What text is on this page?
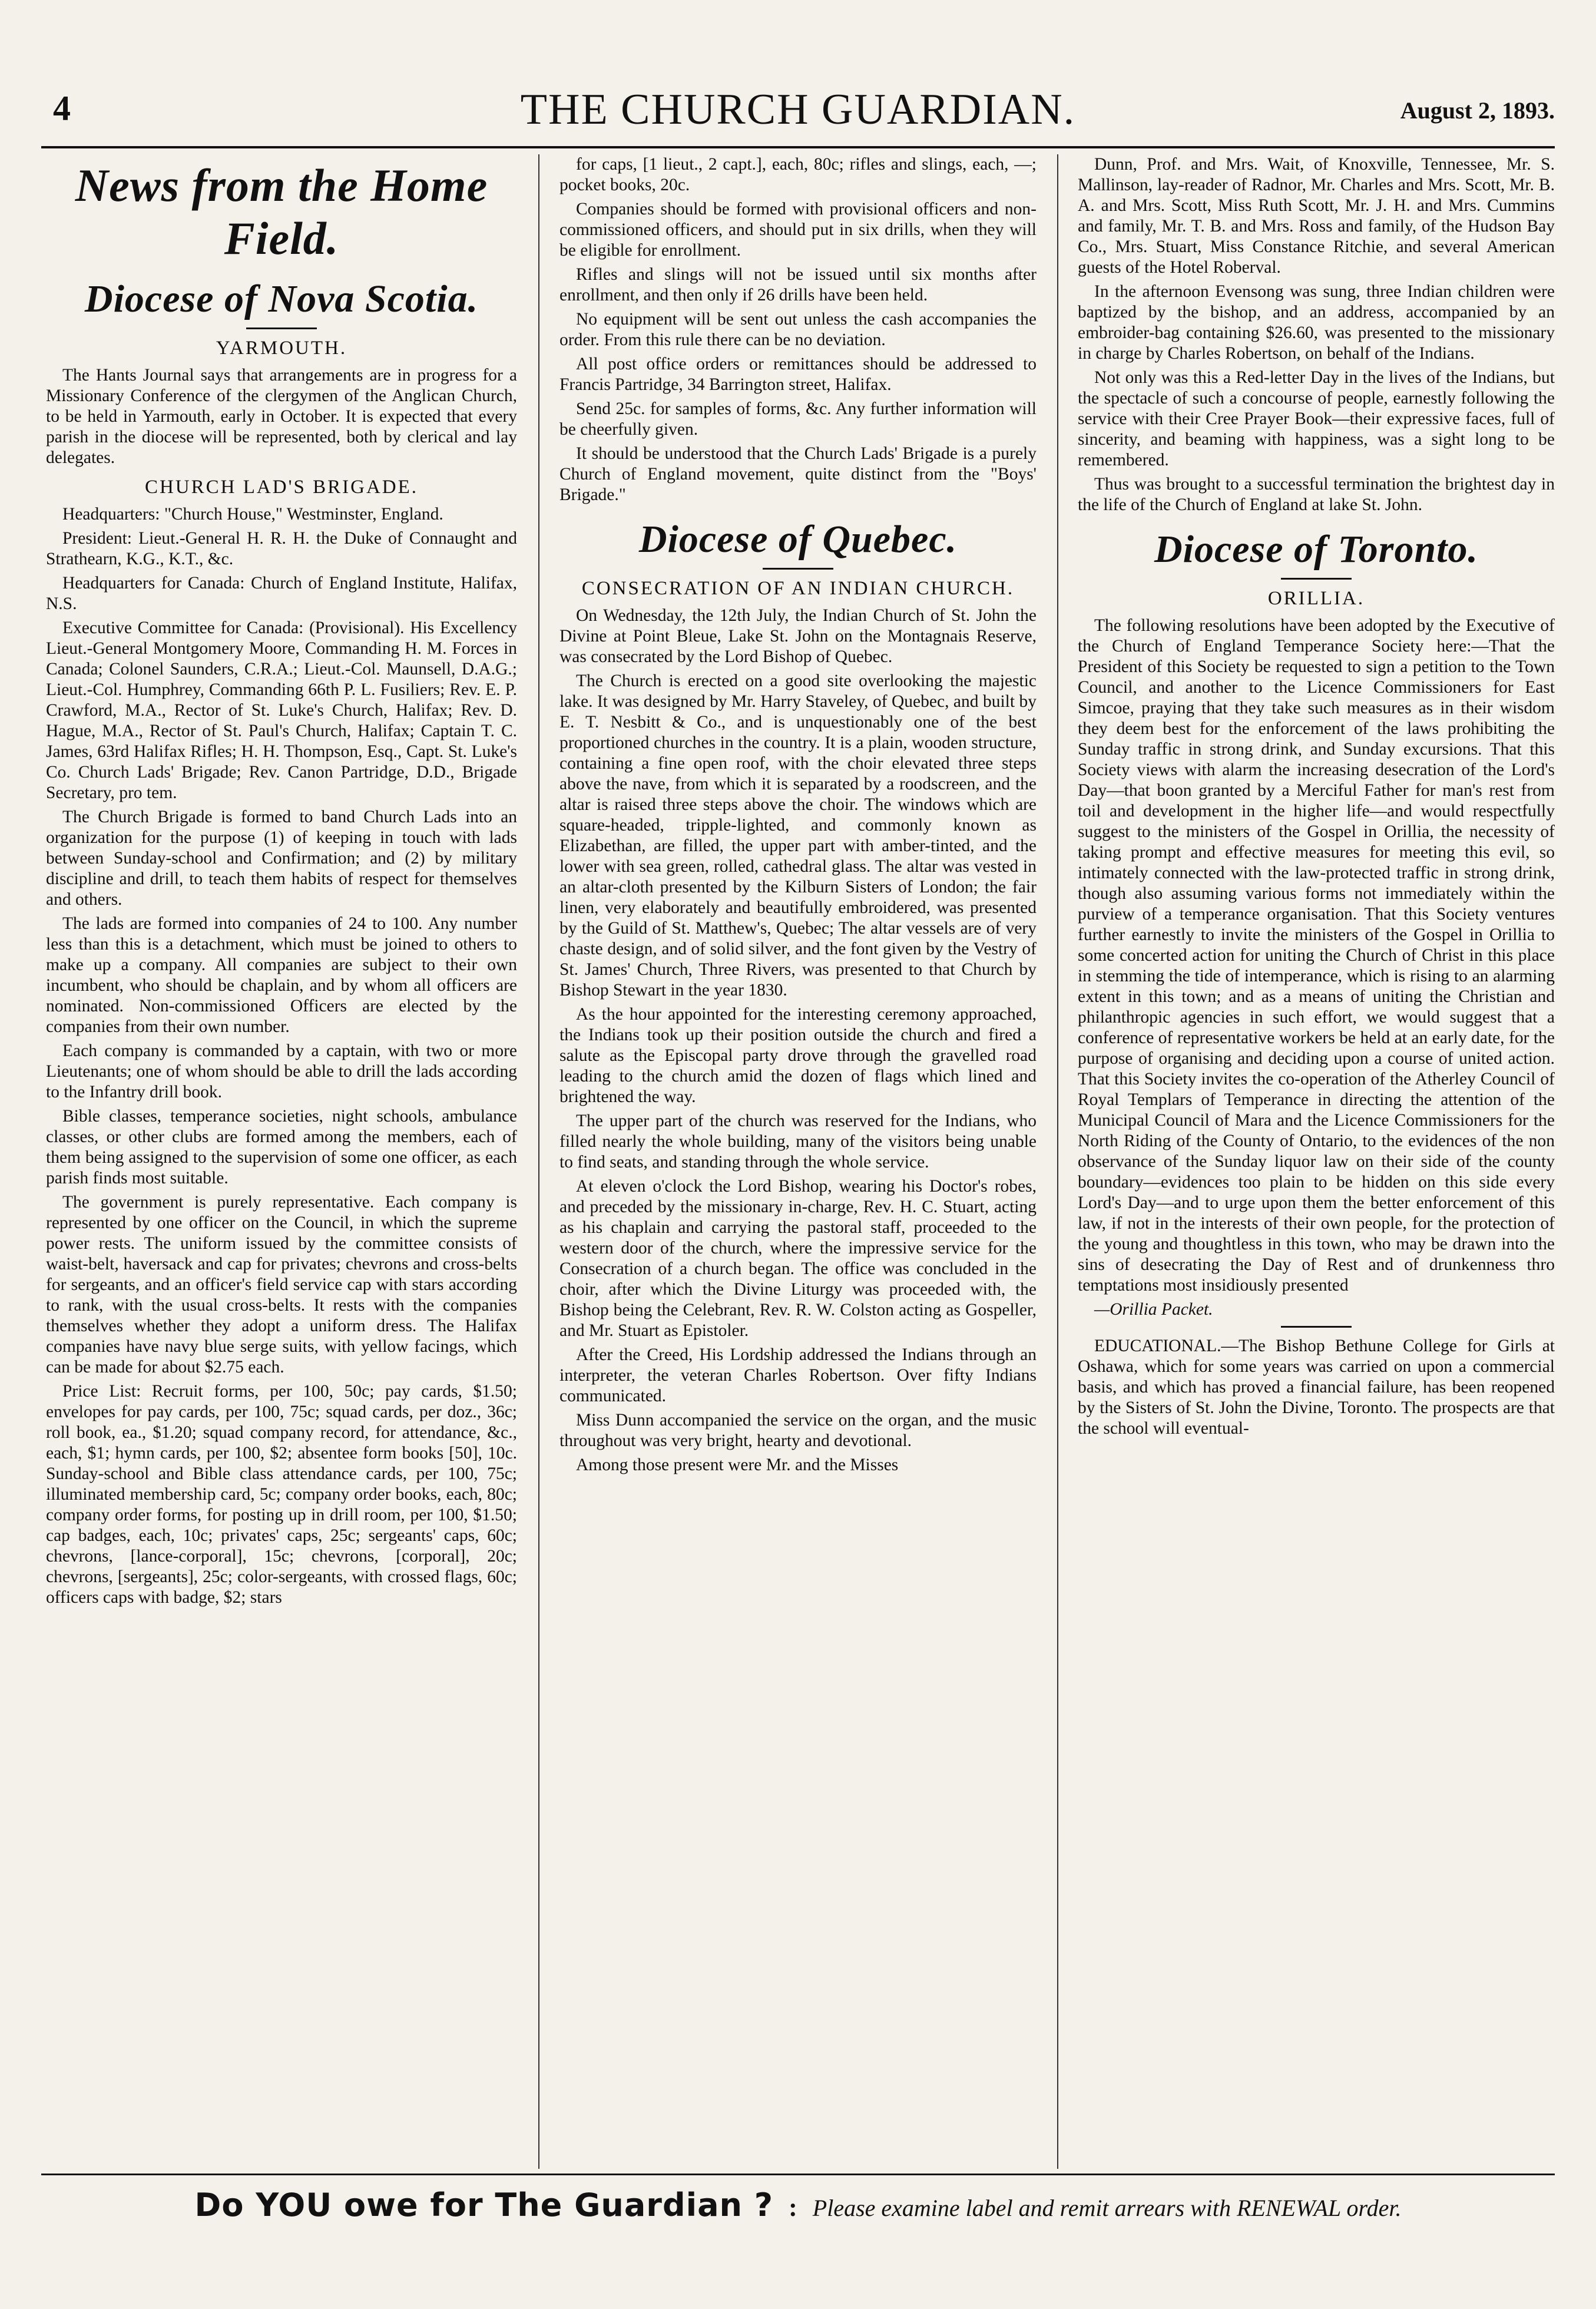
4	THE CHURCH GUARDIAN.	August 2, 1893.
News from the Home Field.
Diocese of Nova Scotia.
YARMOUTH.

The Hants Journal says that arrangements are in progress for a Missionary Conference of the clergymen of the Anglican Church, to be held in Yarmouth, early in October. It is expected that every parish in the diocese will be represented, both by clerical and lay delegates.

CHURCH LAD'S BRIGADE.

Headquarters: "Church House," Westminster, England.

President: Lieut.-General H. R. H. the Duke of Connaught and Strathearn, K.G., K.T., &c.

Headquarters for Canada: Church of England Institute, Halifax, N.S.

Executive Committee for Canada: (Provisional). His Excellency Lieut.-General Montgomery Moore, Commanding H. M. Forces in Canada; Colonel Saunders, C.R.A.; Lieut.-Col. Maunsell, D.A.G.; Lieut.-Col. Humphrey, Commanding 66th P. L. Fusiliers; Rev. E. P. Crawford, M.A., Rector of St. Luke's Church, Halifax; Rev. D. Hague, M.A., Rector of St. Paul's Church, Halifax; Captain T. C. James, 63rd Halifax Rifles; H. H. Thompson, Esq., Capt. St. Luke's Co. Church Lads' Brigade; Rev. Canon Partridge, D.D., Brigade Secretary, pro tem.

The Church Brigade is formed to band Church Lads into an organization for the purpose (1) of keeping in touch with lads between Sunday-school and Confirmation; and (2) by military discipline and drill, to teach them habits of respect for themselves and others.

The lads are formed into companies of 24 to 100. Any number less than this is a detachment, which must be joined to others to make up a company. All companies are subject to their own incumbent, who should be chaplain, and by whom all officers are nominated. Non-commissioned Officers are elected by the companies from their own number.

Each company is commanded by a captain, with two or more Lieutenants; one of whom should be able to drill the lads according to the Infantry drill book.

Bible classes, temperance societies, night schools, ambulance classes, or other clubs are formed among the members, each of them being assigned to the supervision of some one officer, as each parish finds most suitable.

The government is purely representative. Each company is represented by one officer on the Council, in which the supreme power rests. The uniform issued by the committee consists of waist-belt, haversack and cap for privates; chevrons and cross-belts for sergeants, and an officer's field service cap with stars according to rank, with the usual cross-belts. It rests with the companies themselves whether they adopt a uniform dress. The Halifax companies have navy blue serge suits, with yellow facings, which can be made for about $2.75 each.

Price List: Recruit forms, per 100, 50c; pay cards, $1.50; envelopes for pay cards, per 100, 75c; squad cards, per doz., 36c; roll book, ea., $1.20; squad company record, for attendance, &c., each, $1; hymn cards, per 100, $2; absentee form books [50], 10c. Sunday-school and Bible class attendance cards, per 100, 75c; illuminated membership card, 5c; company order books, each, 80c; company order forms, for posting up in drill room, per 100, $1.50; cap badges, each, 10c; privates' caps, 25c; sergeants' caps, 60c; chevrons, [lance-corporal], 15c; chevrons, [corporal], 20c; chevrons, [sergeants], 25c; color-sergeants, with crossed flags, 60c; officers caps with badge, $2; stars

for caps, [1 lieut., 2 capt.], each, 80c; rifles and slings, each, —; pocket books, 20c.

Companies should be formed with provisional officers and non-commissioned officers, and should put in six drills, when they will be eligible for enrollment.

Rifles and slings will not be issued until six months after enrollment, and then only if 26 drills have been held.

No equipment will be sent out unless the cash accompanies the order. From this rule there can be no deviation.

All post office orders or remittances should be addressed to Francis Partridge, 34 Barrington street, Halifax.

Send 25c. for samples of forms, &c. Any further information will be cheerfully given.

It should be understood that the Church Lads' Brigade is a purely Church of England movement, quite distinct from the "Boys' Brigade."

Diocese of Quebec.
CONSECRATION OF AN INDIAN CHURCH.

On Wednesday, the 12th July, the Indian Church of St. John the Divine at Point Bleue, Lake St. John on the Montagnais Reserve, was consecrated by the Lord Bishop of Quebec.

The Church is erected on a good site overlooking the majestic lake. It was designed by Mr. Harry Staveley, of Quebec, and built by E. T. Nesbitt & Co., and is unquestionably one of the best proportioned churches in the country. It is a plain, wooden structure, containing a fine open roof, with the choir elevated three steps above the nave, from which it is separated by a roodscreen, and the altar is raised three steps above the choir. The windows which are square-headed, tripple-lighted, and commonly known as Elizabethan, are filled, the upper part with amber-tinted, and the lower with sea green, rolled, cathedral glass. The altar was vested in an altar-cloth presented by the Kilburn Sisters of London; the fair linen, very elaborately and beautifully embroidered, was presented by the Guild of St. Matthew's, Quebec; The altar vessels are of very chaste design, and of solid silver, and the font given by the Vestry of St. James' Church, Three Rivers, was presented to that Church by Bishop Stewart in the year 1830.

As the hour appointed for the interesting ceremony approached, the Indians took up their position outside the church and fired a salute as the Episcopal party drove through the gravelled road leading to the church amid the dozen of flags which lined and brightened the way.

The upper part of the church was reserved for the Indians, who filled nearly the whole building, many of the visitors being unable to find seats, and standing through the whole service.

At eleven o'clock the Lord Bishop, wearing his Doctor's robes, and preceded by the missionary in-charge, Rev. H. C. Stuart, acting as his chaplain and carrying the pastoral staff, proceeded to the western door of the church, where the impressive service for the Consecration of a church began. The office was concluded in the choir, after which the Divine Liturgy was proceeded with, the Bishop being the Celebrant, Rev. R. W. Colston acting as Gospeller, and Mr. Stuart as Epistoler.

After the Creed, His Lordship addressed the Indians through an interpreter, the veteran Charles Robertson. Over fifty Indians communicated.

Miss Dunn accompanied the service on the organ, and the music throughout was very bright, hearty and devotional.

Among those present were Mr. and the Misses

Dunn, Prof. and Mrs. Wait, of Knoxville, Tennessee, Mr. S. Mallinson, lay-reader of Radnor, Mr. Charles and Mrs. Scott, Mr. B. A. and Mrs. Scott, Miss Ruth Scott, Mr. J. H. and Mrs. Cummins and family, Mr. T. B. and Mrs. Ross and family, of the Hudson Bay Co., Mrs. Stuart, Miss Constance Ritchie, and several American guests of the Hotel Roberval.

In the afternoon Evensong was sung, three Indian children were baptized by the bishop, and an address, accompanied by an embroider-bag containing $26.60, was presented to the missionary in charge by Charles Robertson, on behalf of the Indians.

Not only was this a Red-letter Day in the lives of the Indians, but the spectacle of such a concourse of people, earnestly following the service with their Cree Prayer Book—their expressive faces, full of sincerity, and beaming with happiness, was a sight long to be remembered.

Thus was brought to a successful termination the brightest day in the life of the Church of England at lake St. John.

Diocese of Toronto.
ORILLIA.

The following resolutions have been adopted by the Executive of the Church of England Temperance Society here:—That the President of this Society be requested to sign a petition to the Town Council, and another to the Licence Commissioners for East Simcoe, praying that they take such measures as in their wisdom they deem best for the enforcement of the laws prohibiting the Sunday traffic in strong drink, and Sunday excursions. That this Society views with alarm the increasing desecration of the Lord's Day—that boon granted by a Merciful Father for man's rest from toil and development in the higher life—and would respectfully suggest to the ministers of the Gospel in Orillia, the necessity of taking prompt and effective measures for meeting this evil, so intimately connected with the law-protected traffic in strong drink, though also assuming various forms not immediately within the purview of a temperance organisation. That this Society ventures further earnestly to invite the ministers of the Gospel in Orillia to some concerted action for uniting the Church of Christ in this place in stemming the tide of intemperance, which is rising to an alarming extent in this town; and as a means of uniting the Christian and philanthropic agencies in such effort, we would suggest that a conference of representative workers be held at an early date, for the purpose of organising and deciding upon a course of united action. That this Society invites the co-operation of the Atherley Council of Royal Templars of Temperance in directing the attention of the Municipal Council of Mara and the Licence Commissioners for the North Riding of the County of Ontario, to the evidences of the non observance of the Sunday liquor law on their side of the county boundary—evidences too plain to be hidden on this side every Lord's Day—and to urge upon them the better enforcement of this law, if not in the interests of their own people, for the protection of the young and thoughtless in this town, who may be drawn into the sins of desecrating the Day of Rest and of drunkenness thro temptations most insidiously presented

—Orillia Packet.

EDUCATIONAL.—The Bishop Bethune College for Girls at Oshawa, which for some years was carried on upon a commercial basis, and which has proved a financial failure, has been reopened by the Sisters of St. John the Divine, Toronto. The prospects are that the school will eventual-

Do YOU owe for The Guardian ? : Please examine label and remit arrears with RENEWAL order.
